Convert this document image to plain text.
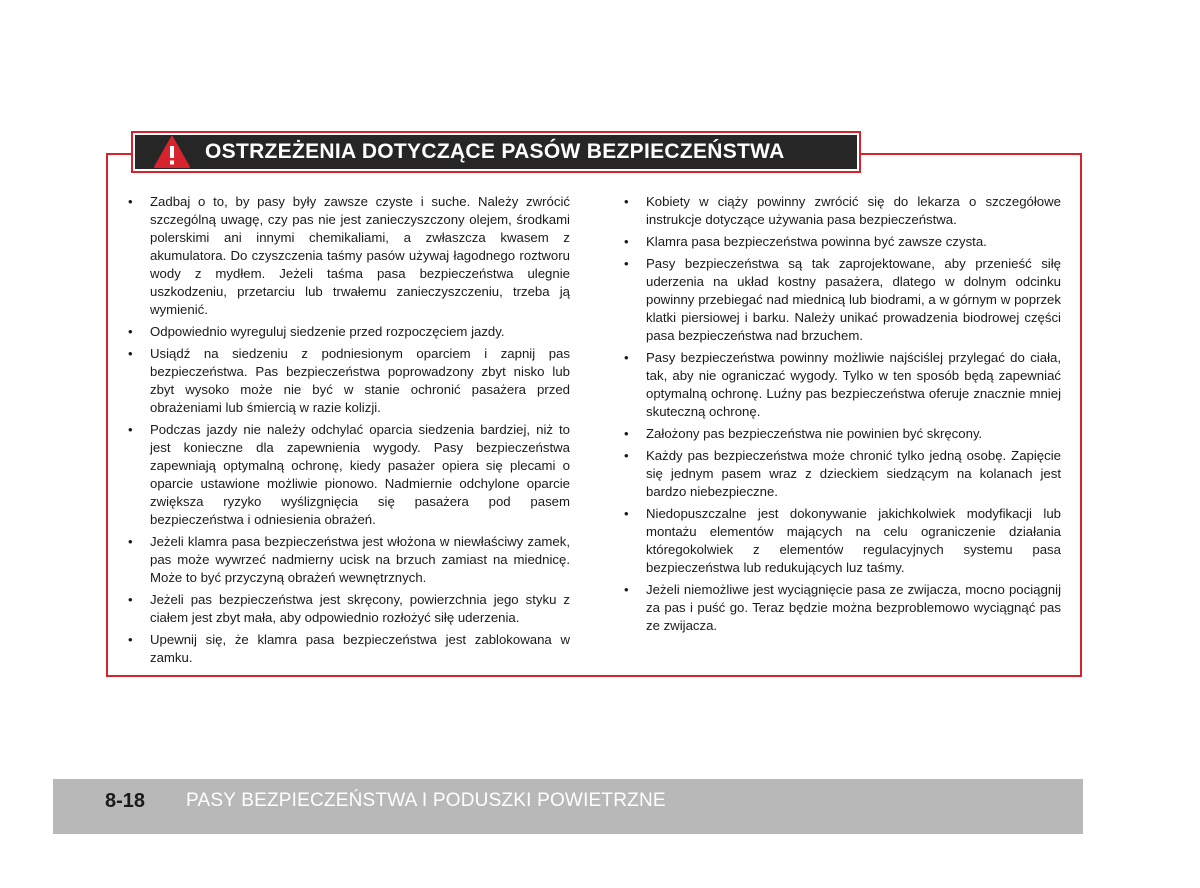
OSTRZEŻENIA DOTYCZĄCE PASÓW BEZPIECZEŃSTWA
• Zadbaj o to, by pasy były zawsze czyste i suche. Należy zwrócić szczególną uwagę, czy pas nie jest zanieczyszczony olejem, środkami polerskimi ani innymi chemikaliami, a zwłaszcza kwasem z akumulatora. Do czyszczenia taśmy pasów używaj łagodnego roztworu wody z mydłem. Jeżeli taśma pasa bezpieczeństwa ulegnie uszkodzeniu, przetarciu lub trwałemu zanieczyszczeniu, trzeba ją wymienić.
• Odpowiednio wyreguluj siedzenie przed rozpoczęciem jazdy.
• Usiądź na siedzeniu z podniesionym oparciem i zapnij pas bezpieczeństwa. Pas bezpieczeństwa poprowadzony zbyt nisko lub zbyt wysoko może nie być w stanie ochronić pasażera przed obrażeniami lub śmiercią w razie kolizji.
• Podczas jazdy nie należy odchylać oparcia siedzenia bardziej, niż to jest konieczne dla zapewnienia wygody. Pasy bezpieczeństwa zapewniają optymalną ochronę, kiedy pasażer opiera się plecami o oparcie ustawione możliwie pionowo. Nadmiernie odchylone oparcie zwiększa ryzyko wyślizgnięcia się pasażera pod pasem bezpieczeństwa i odniesienia obrażeń.
• Jeżeli klamra pasa bezpieczeństwa jest włożona w niewłaściwy zamek, pas może wywrzeć nadmierny ucisk na brzuch zamiast na miednicę. Może to być przyczyną obrażeń wewnętrznych.
• Jeżeli pas bezpieczeństwa jest skręcony, powierzchnia jego styku z ciałem jest zbyt mała, aby odpowiednio rozłożyć siłę uderzenia.
• Upewnij się, że klamra pasa bezpieczeństwa jest zablokowana w zamku.
• Kobiety w ciąży powinny zwrócić się do lekarza o szczegółowe instrukcje dotyczące używania pasa bezpieczeństwa.
• Klamra pasa bezpieczeństwa powinna być zawsze czysta.
• Pasy bezpieczeństwa są tak zaprojektowane, aby przenieść siłę uderzenia na układ kostny pasażera, dlatego w dolnym odcinku powinny przebiegać nad miednicą lub biodrami, a w górnym w poprzek klatki piersiowej i barku. Należy unikać prowadzenia biodrowej części pasa bezpieczeństwa nad brzuchem.
• Pasy bezpieczeństwa powinny możliwie najściślej przylegać do ciała, tak, aby nie ograniczać wygody. Tylko w ten sposób będą zapewniać optymalną ochronę. Luźny pas bezpieczeństwa oferuje znacznie mniej skuteczną ochronę.
• Założony pas bezpieczeństwa nie powinien być skręcony.
• Każdy pas bezpieczeństwa może chronić tylko jedną osobę. Zapięcie się jednym pasem wraz z dzieckiem siedzącym na kolanach jest bardzo niebezpieczne.
• Niedopuszczalne jest dokonywanie jakichkolwiek modyfikacji lub montażu elementów mających na celu ograniczenie działania któregokolwiek z elementów regulacyjnych systemu pasa bezpieczeństwa lub redukujących luz taśmy.
• Jeżeli niemożliwe jest wyciągnięcie pasa ze zwijacza, mocno pociągnij za pas i puść go. Teraz będzie można bezproblemowo wyciągnąć pas ze zwijacza.
8-18 PASY BEZPIECZEŃSTWA I PODUSZKI POWIETRZNE
